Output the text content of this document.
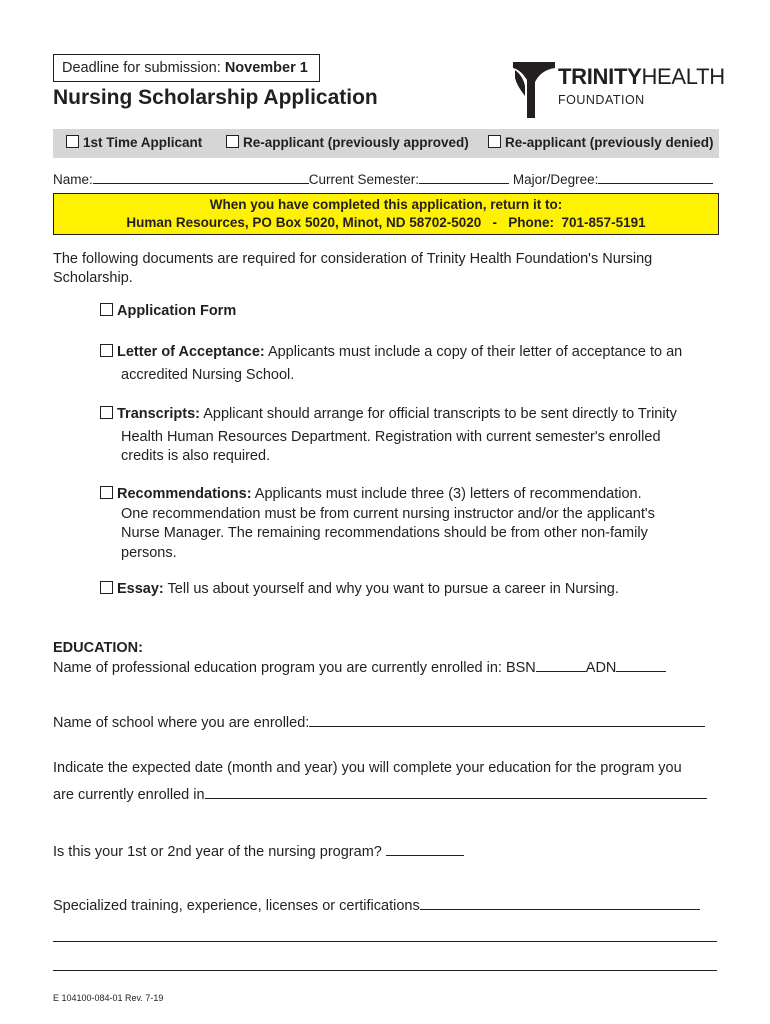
Deadline for submission: November 1
Nursing Scholarship Application
TRINITYHEALTH
FOUNDATION
1st Time Applicant	Re-applicant (previously approved)	Re-applicant (previously denied)
Name:	Current Semester:	Major/Degree:
When you have completed this application, return it to:
Human Resources, PO Box 5020, Minot, ND 58702-5020   -   Phone:  701-857-5191
The following documents are required for consideration of Trinity Health Foundation's Nursing Scholarship.
Application Form
Letter of Acceptance: Applicants must include a copy of their letter of acceptance to an
accredited Nursing School.
Transcripts: Applicant should arrange for official transcripts to be sent directly to Trinity
Health Human Resources Department. Registration with current semester's enrolled
credits is also required.
Recommendations: Applicants must include three (3) letters of recommendation.
One recommendation must be from current nursing instructor and/or the applicant's
Nurse Manager. The remaining recommendations should be from other non-family
persons.
Essay: Tell us about yourself and why you want to pursue a career in Nursing.
EDUCATION:
Name of professional education program you are currently enrolled in: BSN	ADN
Name of school where you are enrolled:
Indicate the expected date (month and year) you will complete your education for the program you
are currently enrolled in
Is this your 1st or 2nd year of the nursing program?
Specialized training, experience, licenses or certifications
E 104100-084-01 Rev. 7-19
